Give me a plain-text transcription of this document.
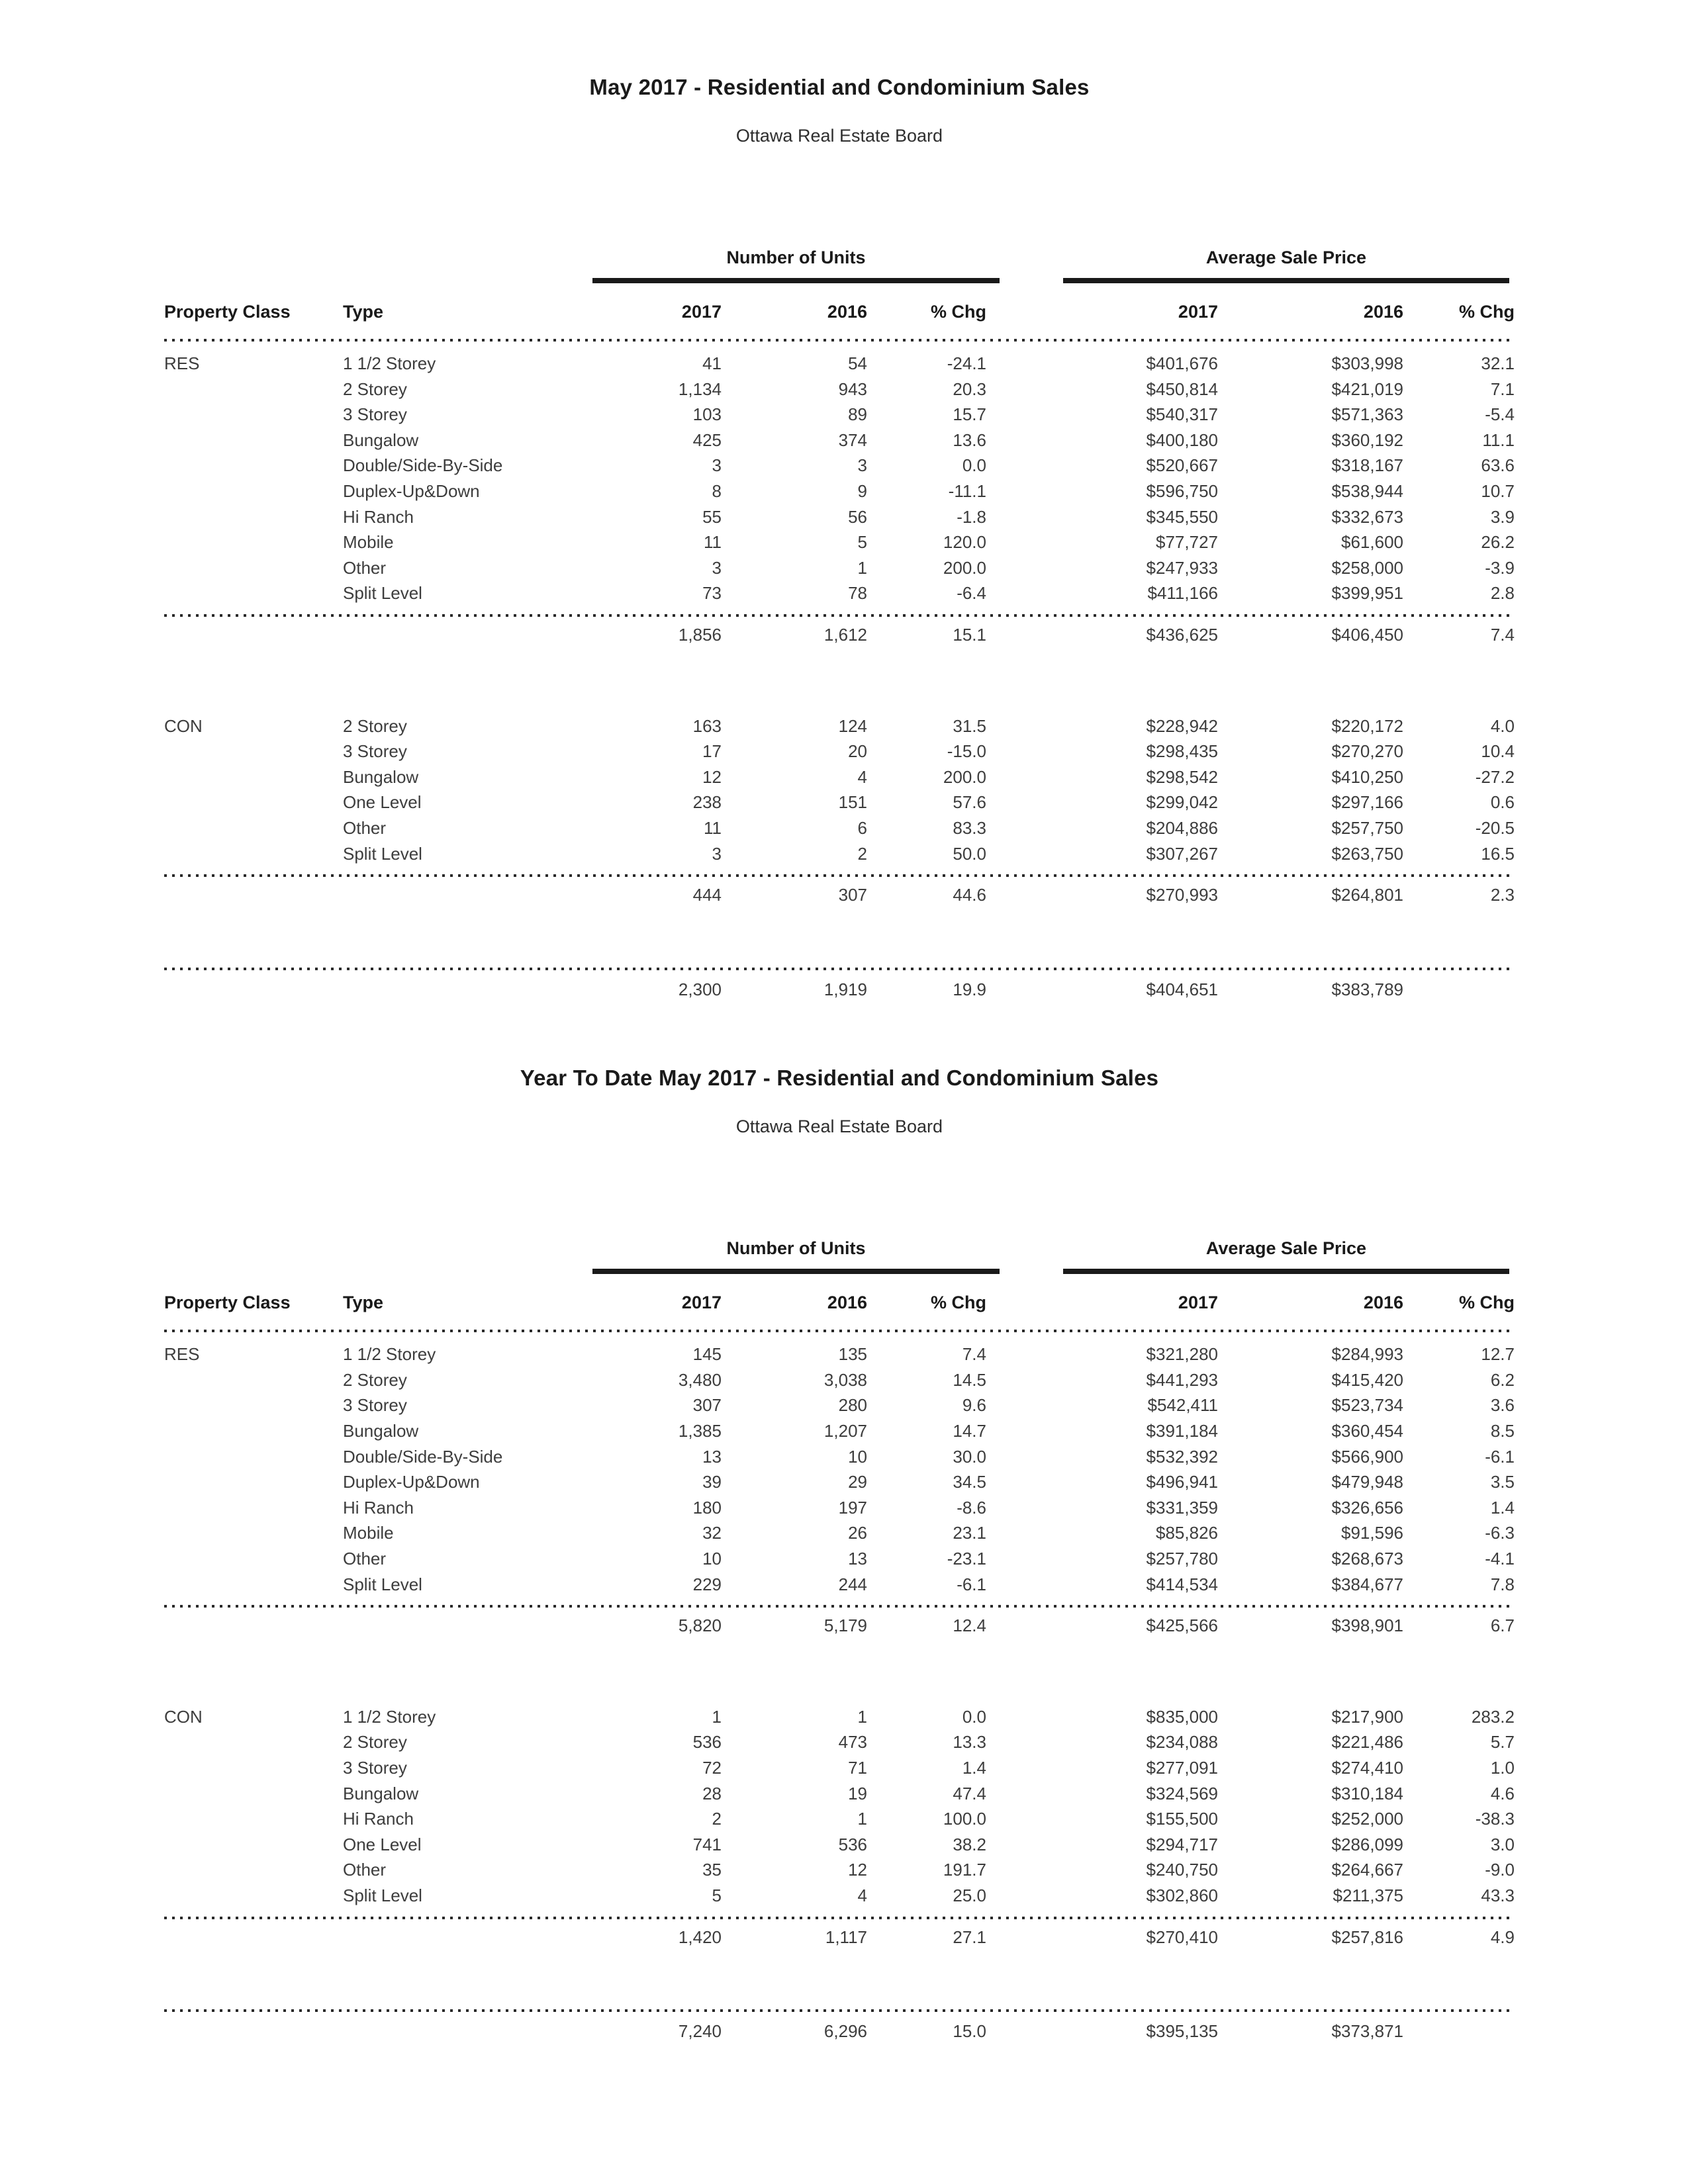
May 2017 - Residential and Condominium Sales
Ottawa Real Estate Board
Number of Units	Average Sale Price
Property Class	Type	2017	2016	% Chg	2017	2016	% Chg
RES	1 1/2 Storey	41	54	-24.1	$401,676	$303,998	32.1
2 Storey	1,134	943	20.3	$450,814	$421,019	7.1
3 Storey	103	89	15.7	$540,317	$571,363	-5.4
Bungalow	425	374	13.6	$400,180	$360,192	11.1
Double/Side-By-Side	3	3	0.0	$520,667	$318,167	63.6
Duplex-Up&Down	8	9	-11.1	$596,750	$538,944	10.7
Hi Ranch	55	56	-1.8	$345,550	$332,673	3.9
Mobile	11	5	120.0	$77,727	$61,600	26.2
Other	3	1	200.0	$247,933	$258,000	-3.9
Split Level	73	78	-6.4	$411,166	$399,951	2.8
1,856	1,612	15.1	$436,625	$406,450	7.4
CON	2 Storey	163	124	31.5	$228,942	$220,172	4.0
3 Storey	17	20	-15.0	$298,435	$270,270	10.4
Bungalow	12	4	200.0	$298,542	$410,250	-27.2
One Level	238	151	57.6	$299,042	$297,166	0.6
Other	11	6	83.3	$204,886	$257,750	-20.5
Split Level	3	2	50.0	$307,267	$263,750	16.5
444	307	44.6	$270,993	$264,801	2.3
2,300	1,919	19.9	$404,651	$383,789
Year To Date May 2017 - Residential and Condominium Sales
Ottawa Real Estate Board
Number of Units	Average Sale Price
Property Class	Type	2017	2016	% Chg	2017	2016	% Chg
RES	1 1/2 Storey	145	135	7.4	$321,280	$284,993	12.7
2 Storey	3,480	3,038	14.5	$441,293	$415,420	6.2
3 Storey	307	280	9.6	$542,411	$523,734	3.6
Bungalow	1,385	1,207	14.7	$391,184	$360,454	8.5
Double/Side-By-Side	13	10	30.0	$532,392	$566,900	-6.1
Duplex-Up&Down	39	29	34.5	$496,941	$479,948	3.5
Hi Ranch	180	197	-8.6	$331,359	$326,656	1.4
Mobile	32	26	23.1	$85,826	$91,596	-6.3
Other	10	13	-23.1	$257,780	$268,673	-4.1
Split Level	229	244	-6.1	$414,534	$384,677	7.8
5,820	5,179	12.4	$425,566	$398,901	6.7
CON	1 1/2 Storey	1	1	0.0	$835,000	$217,900	283.2
2 Storey	536	473	13.3	$234,088	$221,486	5.7
3 Storey	72	71	1.4	$277,091	$274,410	1.0
Bungalow	28	19	47.4	$324,569	$310,184	4.6
Hi Ranch	2	1	100.0	$155,500	$252,000	-38.3
One Level	741	536	38.2	$294,717	$286,099	3.0
Other	35	12	191.7	$240,750	$264,667	-9.0
Split Level	5	4	25.0	$302,860	$211,375	43.3
1,420	1,117	27.1	$270,410	$257,816	4.9
7,240	6,296	15.0	$395,135	$373,871
